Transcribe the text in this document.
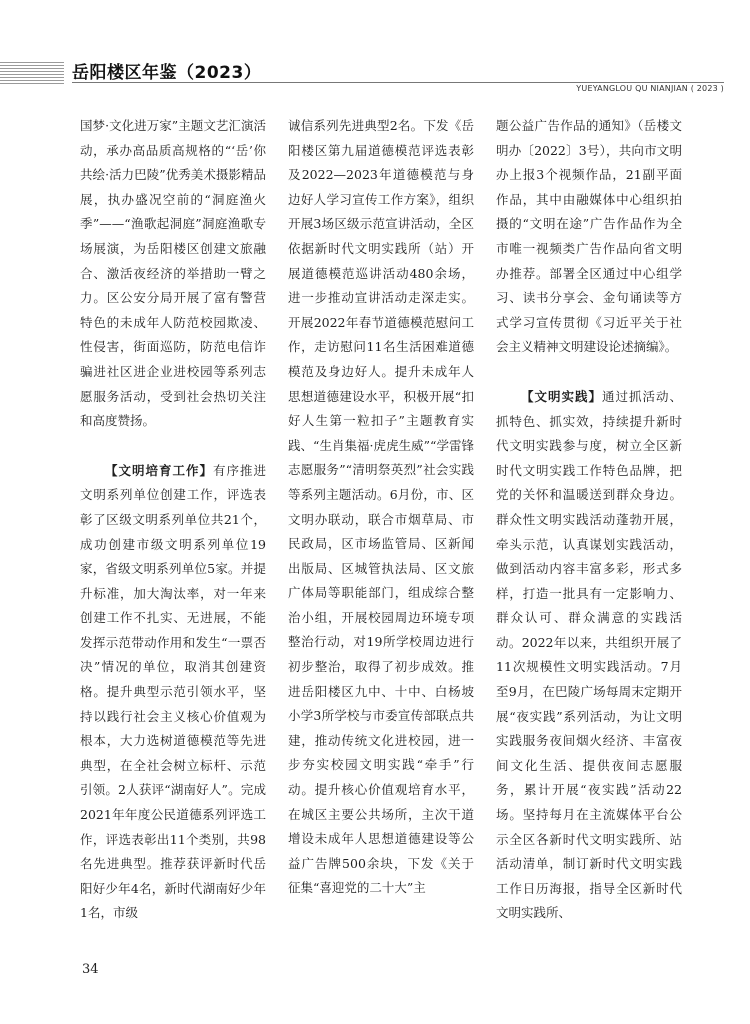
岳阳楼区年鉴（2023）
YUEYANGLOU QU NIANJIAN ( 2023 )

国梦·文化进万家”主题文艺汇演活动，承办高品质高规格的“‘岳’你共绘·活力巴陵”优秀美术摄影精品展，执办盛况空前的“洞庭渔火季”——“渔歌起洞庭”洞庭渔歌专场展演，为岳阳楼区创建文旅融合、激活夜经济的举措助一臂之力。区公安分局开展了富有警营特色的未成年人防范校园欺凌、性侵害，街面巡防，防范电信诈骗进社区进企业进校园等系列志愿服务活动，受到社会热切关注和高度赞扬。

【文明培育工作】有序推进文明系列单位创建工作，评选表彰了区级文明系列单位共21个，成功创建市级文明系列单位19家，省级文明系列单位5家。并提升标准，加大淘汰率，对一年来创建工作不扎实、无进展，不能发挥示范带动作用和发生“一票否决”情况的单位，取消其创建资格。提升典型示范引领水平，坚持以践行社会主义核心价值观为根本，大力选树道德模范等先进典型，在全社会树立标杆、示范引领。2人获评“湖南好人”。完成2021年年度公民道德系列评选工作，评选表彰出11个类别，共98名先进典型。推荐获评新时代岳阳好少年4名，新时代湖南好少年1名，市级

诚信系列先进典型2名。下发《岳阳楼区第九届道德模范评选表彰及2022—2023年道德模范与身边好人学习宣传工作方案》，组织开展3场区级示范宣讲活动，全区依据新时代文明实践所（站）开展道德模范巡讲活动480余场，进一步推动宣讲活动走深走实。开展2022年春节道德模范慰问工作，走访慰问11名生活困难道德模范及身边好人。提升未成年人思想道德建设水平，积极开展“扣好人生第一粒扣子”主题教育实践、“生肖集福·虎虎生威”“学雷锋志愿服务”“清明祭英烈”社会实践等系列主题活动。6月份，市、区文明办联动，联合市烟草局、市民政局，区市场监管局、区新闻出版局、区城管执法局、区文旅广体局等职能部门，组成综合整治小组，开展校园周边环境专项整治行动，对19所学校周边进行初步整治，取得了初步成效。推进岳阳楼区九中、十中、白杨坡小学3所学校与市委宣传部联点共建，推动传统文化进校园，进一步夯实校园文明实践“牵手”行动。提升核心价值观培育水平，在城区主要公共场所，主次干道增设未成年人思想道德建设等公益广告牌500余块，下发《关于征集“喜迎党的二十大”主

题公益广告作品的通知》（岳楼文明办〔2022〕3号），共向市文明办上报3个视频作品，21副平面作品，其中由融媒体中心组织拍摄的“文明在途”广告作品作为全市唯一视频类广告作品向省文明办推荐。部署全区通过中心组学习、读书分享会、金句诵读等方式学习宣传贯彻《习近平关于社会主义精神文明建设论述摘编》。

【文明实践】通过抓活动、抓特色、抓实效，持续提升新时代文明实践参与度，树立全区新时代文明实践工作特色品牌，把党的关怀和温暖送到群众身边。群众性文明实践活动蓬勃开展，牵头示范，认真谋划实践活动，做到活动内容丰富多彩，形式多样，打造一批具有一定影响力、群众认可、群众满意的实践活动。2022年以来，共组织开展了11次规模性文明实践活动。7月至9月，在巴陵广场每周末定期开展“夜实践”系列活动，为让文明实践服务夜间烟火经济、丰富夜间文化生活、提供夜间志愿服务，累计开展“夜实践”活动22场。坚持每月在主流媒体平台公示全区各新时代文明实践所、站活动清单，制订新时代文明实践工作日历海报，指导全区新时代文明实践所、

34
